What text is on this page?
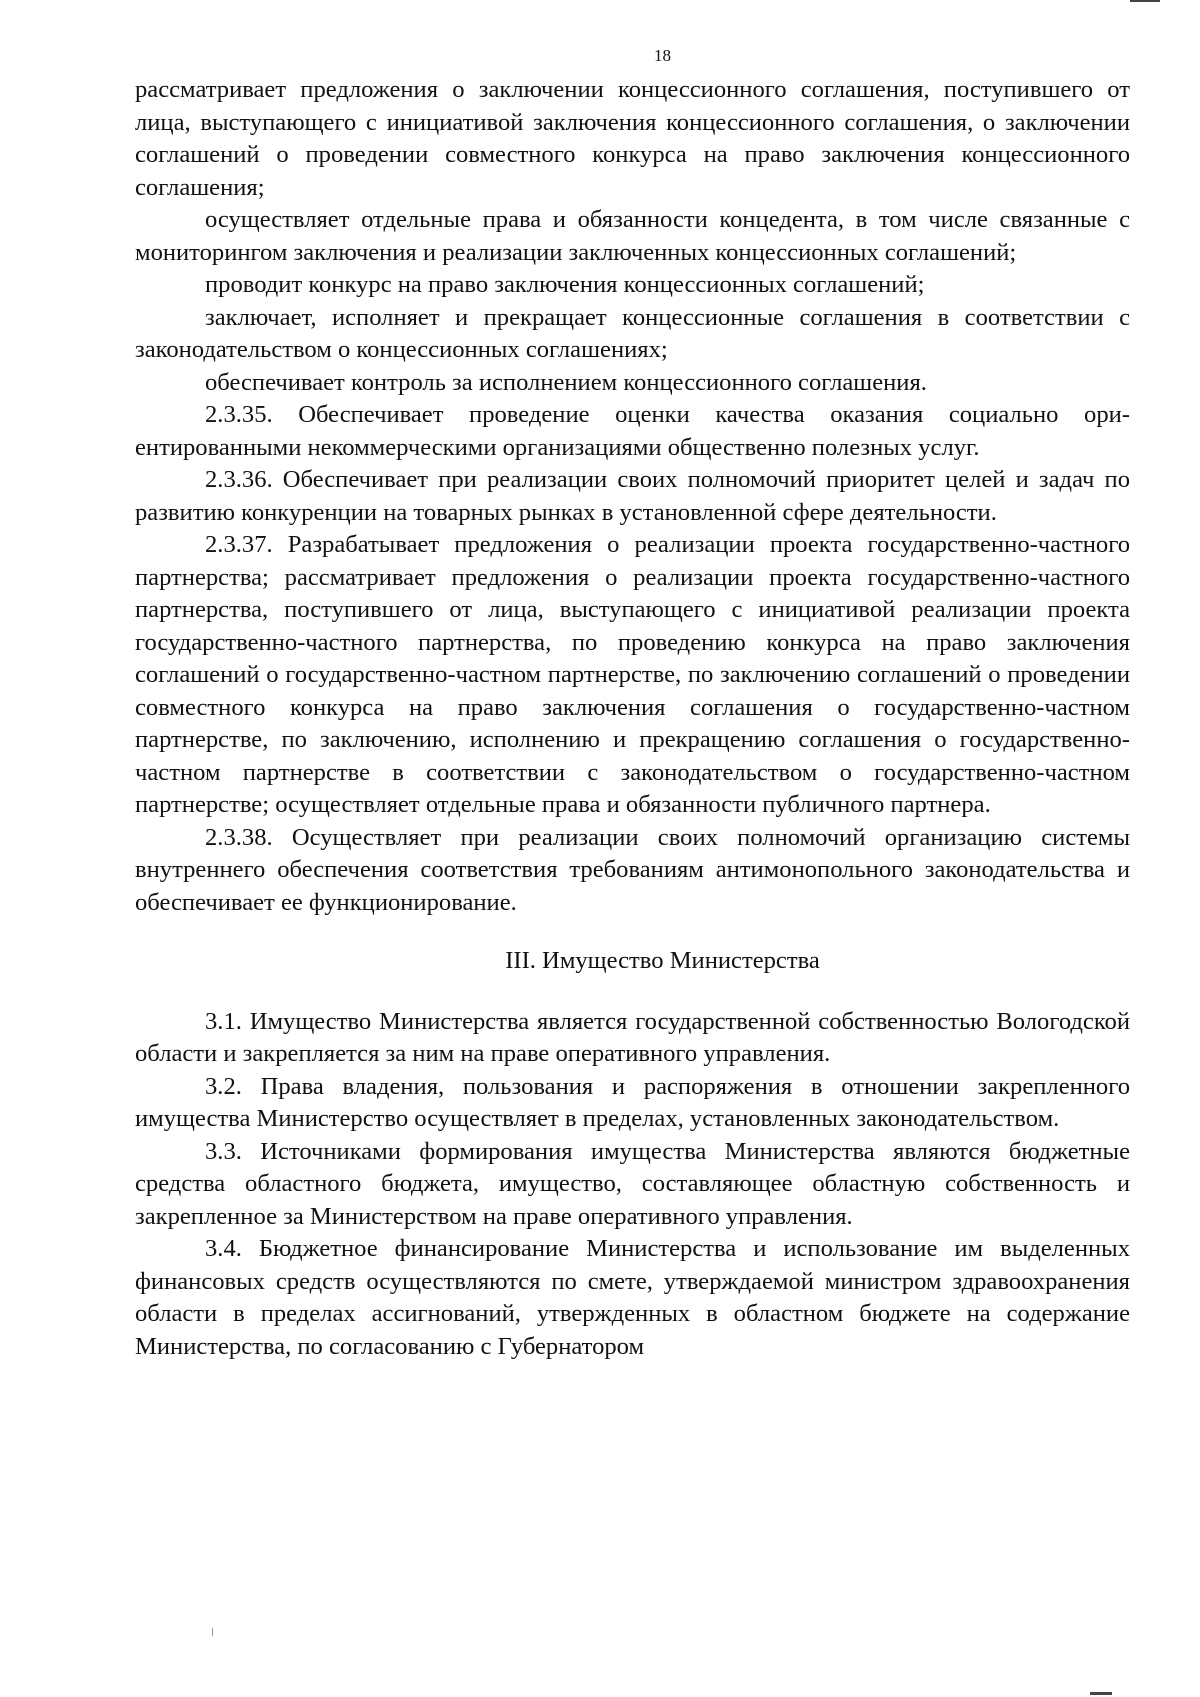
18

рассматривает предложения о заключении концессионного соглашения, поступившего от лица, выступающего с инициативой заключения концессионного соглашения, о заключении соглашений о проведении совместного конкурса на право заключения концессионного соглашения;

осуществляет отдельные права и обязанности концедента, в том числе связанные с мониторингом заключения и реализации заключенных концессионных соглашений;

проводит конкурс на право заключения концессионных соглашений;

заключает, исполняет и прекращает концессионные соглашения в соответствии с законодательством о концессионных соглашениях;

обеспечивает контроль за исполнением концессионного соглашения.

2.3.35. Обеспечивает проведение оценки качества оказания социально ориентированными некоммерческими организациями общественно полезных услуг.

2.3.36. Обеспечивает при реализации своих полномочий приоритет целей и задач по развитию конкуренции на товарных рынках в установленной сфере деятельности.

2.3.37. Разрабатывает предложения о реализации проекта государственно-частного партнерства; рассматривает предложения о реализации проекта государственно-частного партнерства, поступившего от лица, выступающего с инициативой реализации проекта государственно-частного партнерства, по проведению конкурса на право заключения соглашений о государственно-частном партнерстве, по заключению соглашений о проведении совместного конкурса на право заключения соглашения о государственно-частном партнерстве, по заключению, исполнению и прекращению соглашения о государственно-частном партнерстве в соответствии с законодательством о государственно-частном партнерстве; осуществляет отдельные права и обязанности публичного партнера.

2.3.38. Осуществляет при реализации своих полномочий организацию системы внутреннего обеспечения соответствия требованиям антимонопольного законодательства и обеспечивает ее функционирование.

III. Имущество Министерства

3.1. Имущество Министерства является государственной собственностью Вологодской области и закрепляется за ним на праве оперативного управления.

3.2. Права владения, пользования и распоряжения в отношении закрепленного имущества Министерство осуществляет в пределах, установленных законодательством.

3.3. Источниками формирования имущества Министерства являются бюджетные средства областного бюджета, имущество, составляющее областную собственность и закрепленное за Министерством на праве оперативного управления.

3.4. Бюджетное финансирование Министерства и использование им выделенных финансовых средств осуществляются по смете, утверждаемой министром здравоохранения области в пределах ассигнований, утвержденных в областном бюджете на содержание Министерства, по согласованию с Губернатором
